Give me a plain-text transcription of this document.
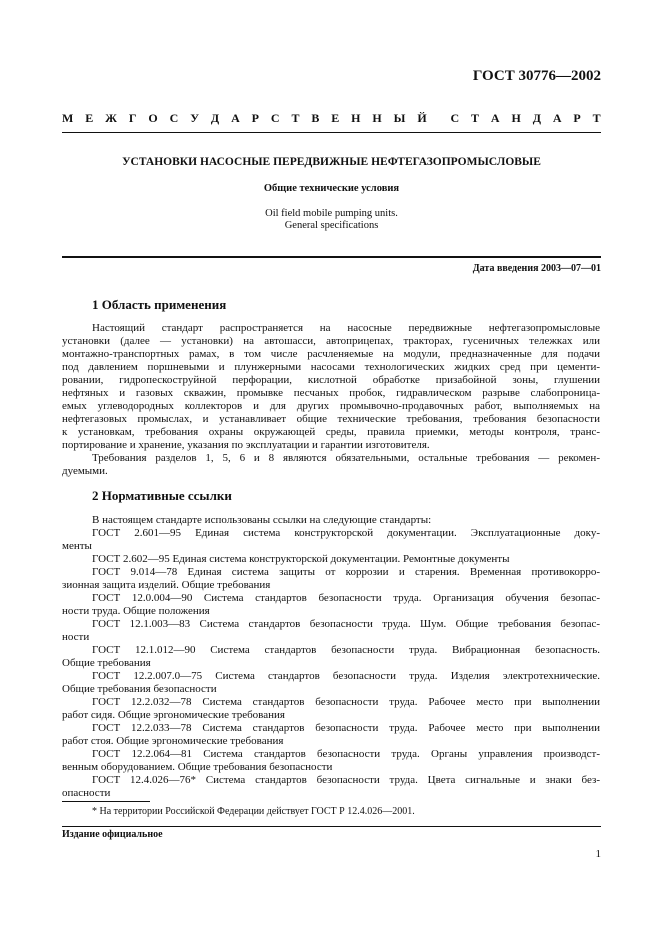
ГОСТ 30776—2002
М Е Ж Г О С У Д А Р С Т В Е Н Н Ы Й С Т А Н Д А Р Т
УСТАНОВКИ НАСОСНЫЕ ПЕРЕДВИЖНЫЕ НЕФТЕГАЗОПРОМЫСЛОВЫЕ
Общие технические условия
Oil field mobile pumping units.
General specifications
Дата введения 2003—07—01
1 Область применения
Настоящий стандарт распространяется на насосные передвижные нефтегазопромысловые
установки (далее — установки) на автошасси, автоприцепах, тракторах, гусеничных тележках или
монтажно-транспортных рамах, в том числе расчленяемые на модули, предназначенные для подачи
под давлением поршневыми и плунжерными насосами технологических жидких сред при цементи-
ровании, гидропескоструйной перфорации, кислотной обработке призабойной зоны, глушении
нефтяных и газовых скважин, промывке песчаных пробок, гидравлическом разрыве слабопроница-
емых углеводородных коллекторов и для других промывочно-продавочных работ, выполняемых на
нефтегазовых промыслах, и устанавливает общие технические требования, требования безопасности
к установкам, требования охраны окружающей среды, правила приемки, методы контроля, транс-
портирование и хранение, указания по эксплуатации и гарантии изготовителя.
Требования разделов 1, 5, 6 и 8 являются обязательными, остальные требования — рекомен-
дуемыми.
2 Нормативные ссылки
В настоящем стандарте использованы ссылки на следующие стандарты:
ГОСТ 2.601—95 Единая система конструкторской документации. Эксплуатационные доку-
менты
ГОСТ 2.602—95 Единая система конструкторской документации. Ремонтные документы
ГОСТ 9.014—78 Единая система защиты от коррозии и старения. Временная противокорро-
зионная защита изделий. Общие требования
ГОСТ 12.0.004—90 Система стандартов безопасности труда. Организация обучения безопас-
ности труда. Общие положения
ГОСТ 12.1.003—83 Система стандартов безопасности труда. Шум. Общие требования безопас-
ности
ГОСТ 12.1.012—90 Система стандартов безопасности труда. Вибрационная безопасность.
Общие требования
ГОСТ 12.2.007.0—75 Система стандартов безопасности труда. Изделия электротехнические.
Общие требования безопасности
ГОСТ 12.2.032—78 Система стандартов безопасности труда. Рабочее место при выполнении
работ сидя. Общие эргономические требования
ГОСТ 12.2.033—78 Система стандартов безопасности труда. Рабочее место при выполнении
работ стоя. Общие эргономические требования
ГОСТ 12.2.064—81 Система стандартов безопасности труда. Органы управления производст-
венным оборудованием. Общие требования безопасности
ГОСТ 12.4.026—76* Система стандартов безопасности труда. Цвета сигнальные и знаки без-
опасности
* На территории Российской Федерации действует ГОСТ Р 12.4.026—2001.
Издание официальное
1
